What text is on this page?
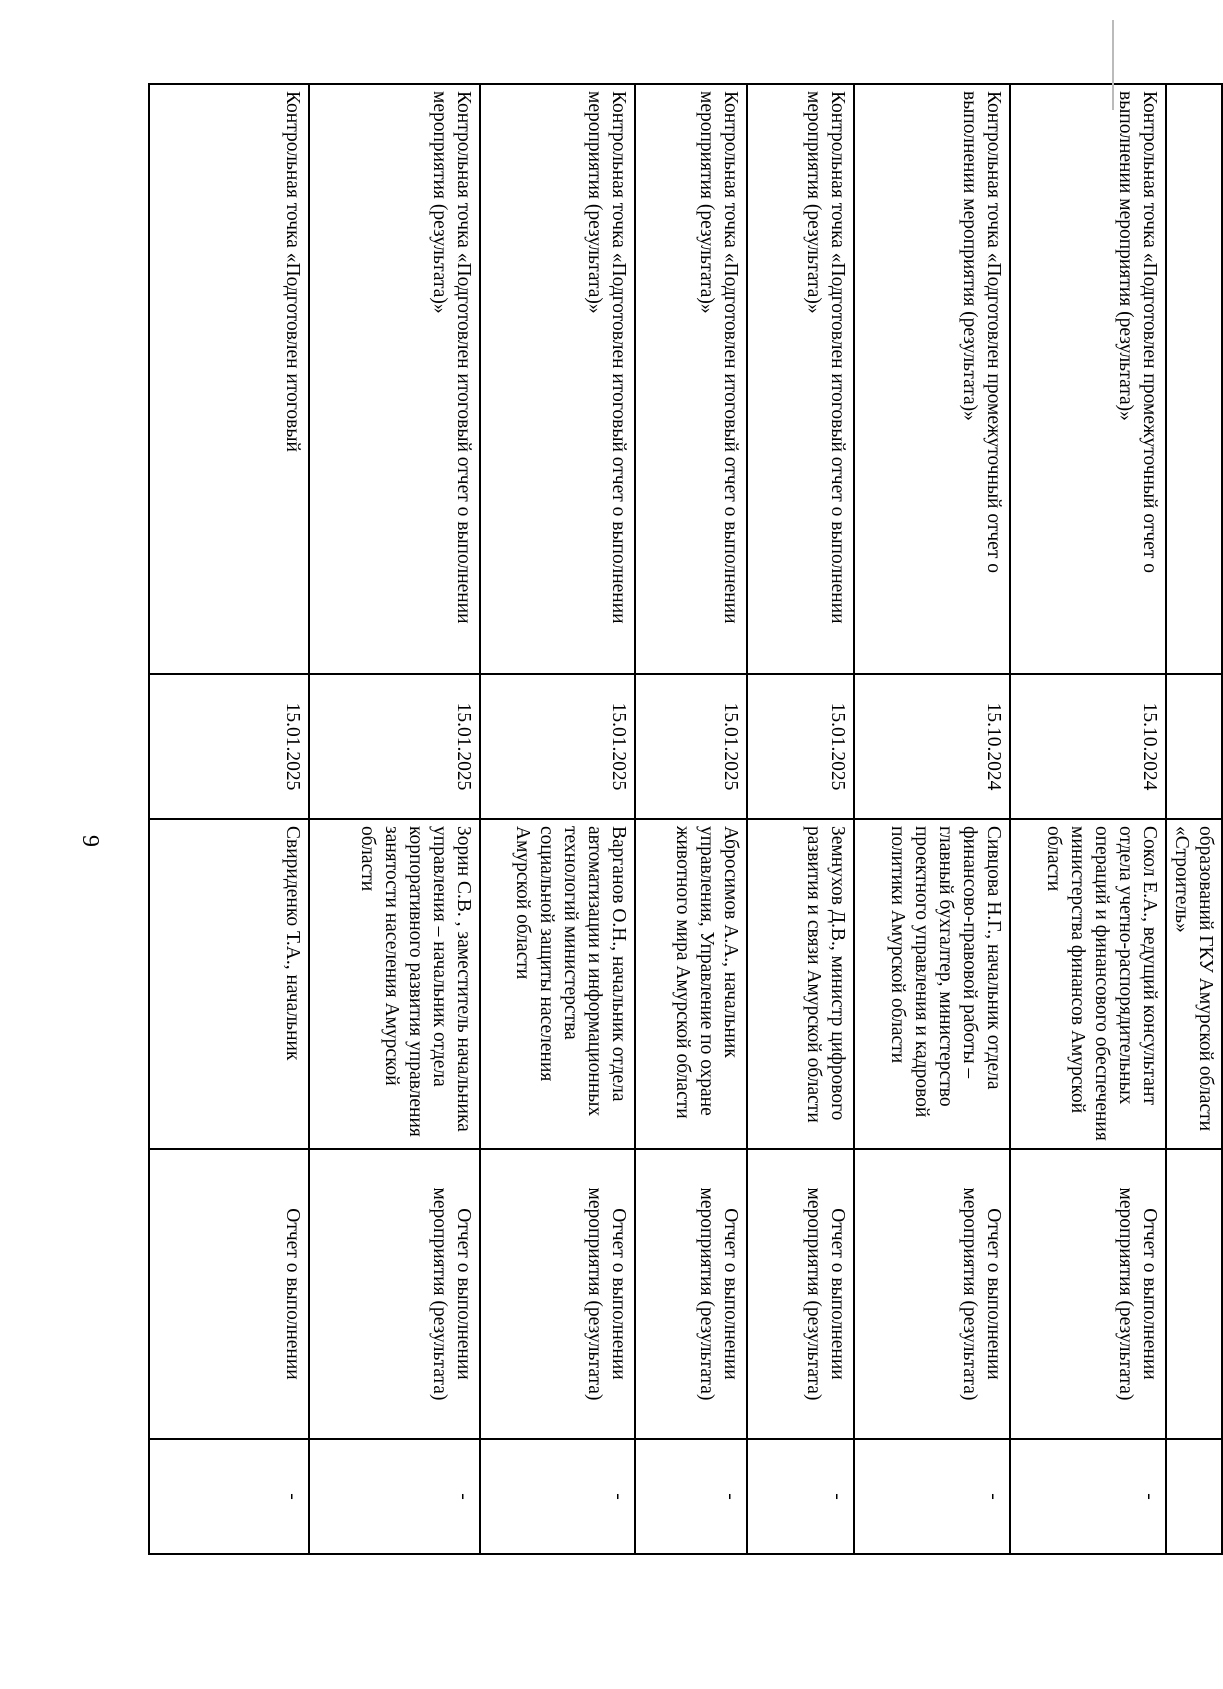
9
			образований ГКУ Амурской области «Строитель»		
Контрольная точка «Подготовлен промежуточный отчет о выполнении мероприятия (результата)»	15.10.2024	Сокол Е.А., ведущий консультант отдела учетно-распорядительных операций и финансового обеспечения министерства финансов Амурской области	Отчет о выполнении мероприятия (результата)	-
Контрольная точка «Подготовлен промежуточный отчет о выполнении мероприятия (результата)»	15.10.2024	Сивцова Н.Г., начальник отдела финансово-правовой работы – главный бухгалтер, министерство проектного управления и кадровой политики Амурской области	Отчет о выполнении мероприятия (результата)	-
Контрольная точка «Подготовлен итоговый отчет о выполнении мероприятия (результата)»	15.01.2025	Земнухов Д.В., министр цифрового развития и связи Амурской области	Отчет о выполнении мероприятия (результата)	-
Контрольная точка «Подготовлен итоговый отчет о выполнении мероприятия (результата)»	15.01.2025	Абросимов А.А., начальник управления, Управление по охране животного мира Амурской области	Отчет о выполнении мероприятия (результата)	-
Контрольная точка «Подготовлен итоговый отчет о выполнении мероприятия (результата)»	15.01.2025	Варганов О.Н., начальник отдела автоматизации и информационных технологий министерства социальной защиты населения Амурской области	Отчет о выполнении мероприятия (результата)	-
Контрольная точка «Подготовлен итоговый отчет о выполнении мероприятия (результата)»	15.01.2025	Зорин С.В. , заместитель начальника управления – начальник отдела корпоративного развития управления занятости населения Амурской области	Отчет о выполнении мероприятия (результата)	-
Контрольная точка «Подготовлен итоговый	15.01.2025	Свириденко Т.А., начальник	Отчет о выполнении	-
